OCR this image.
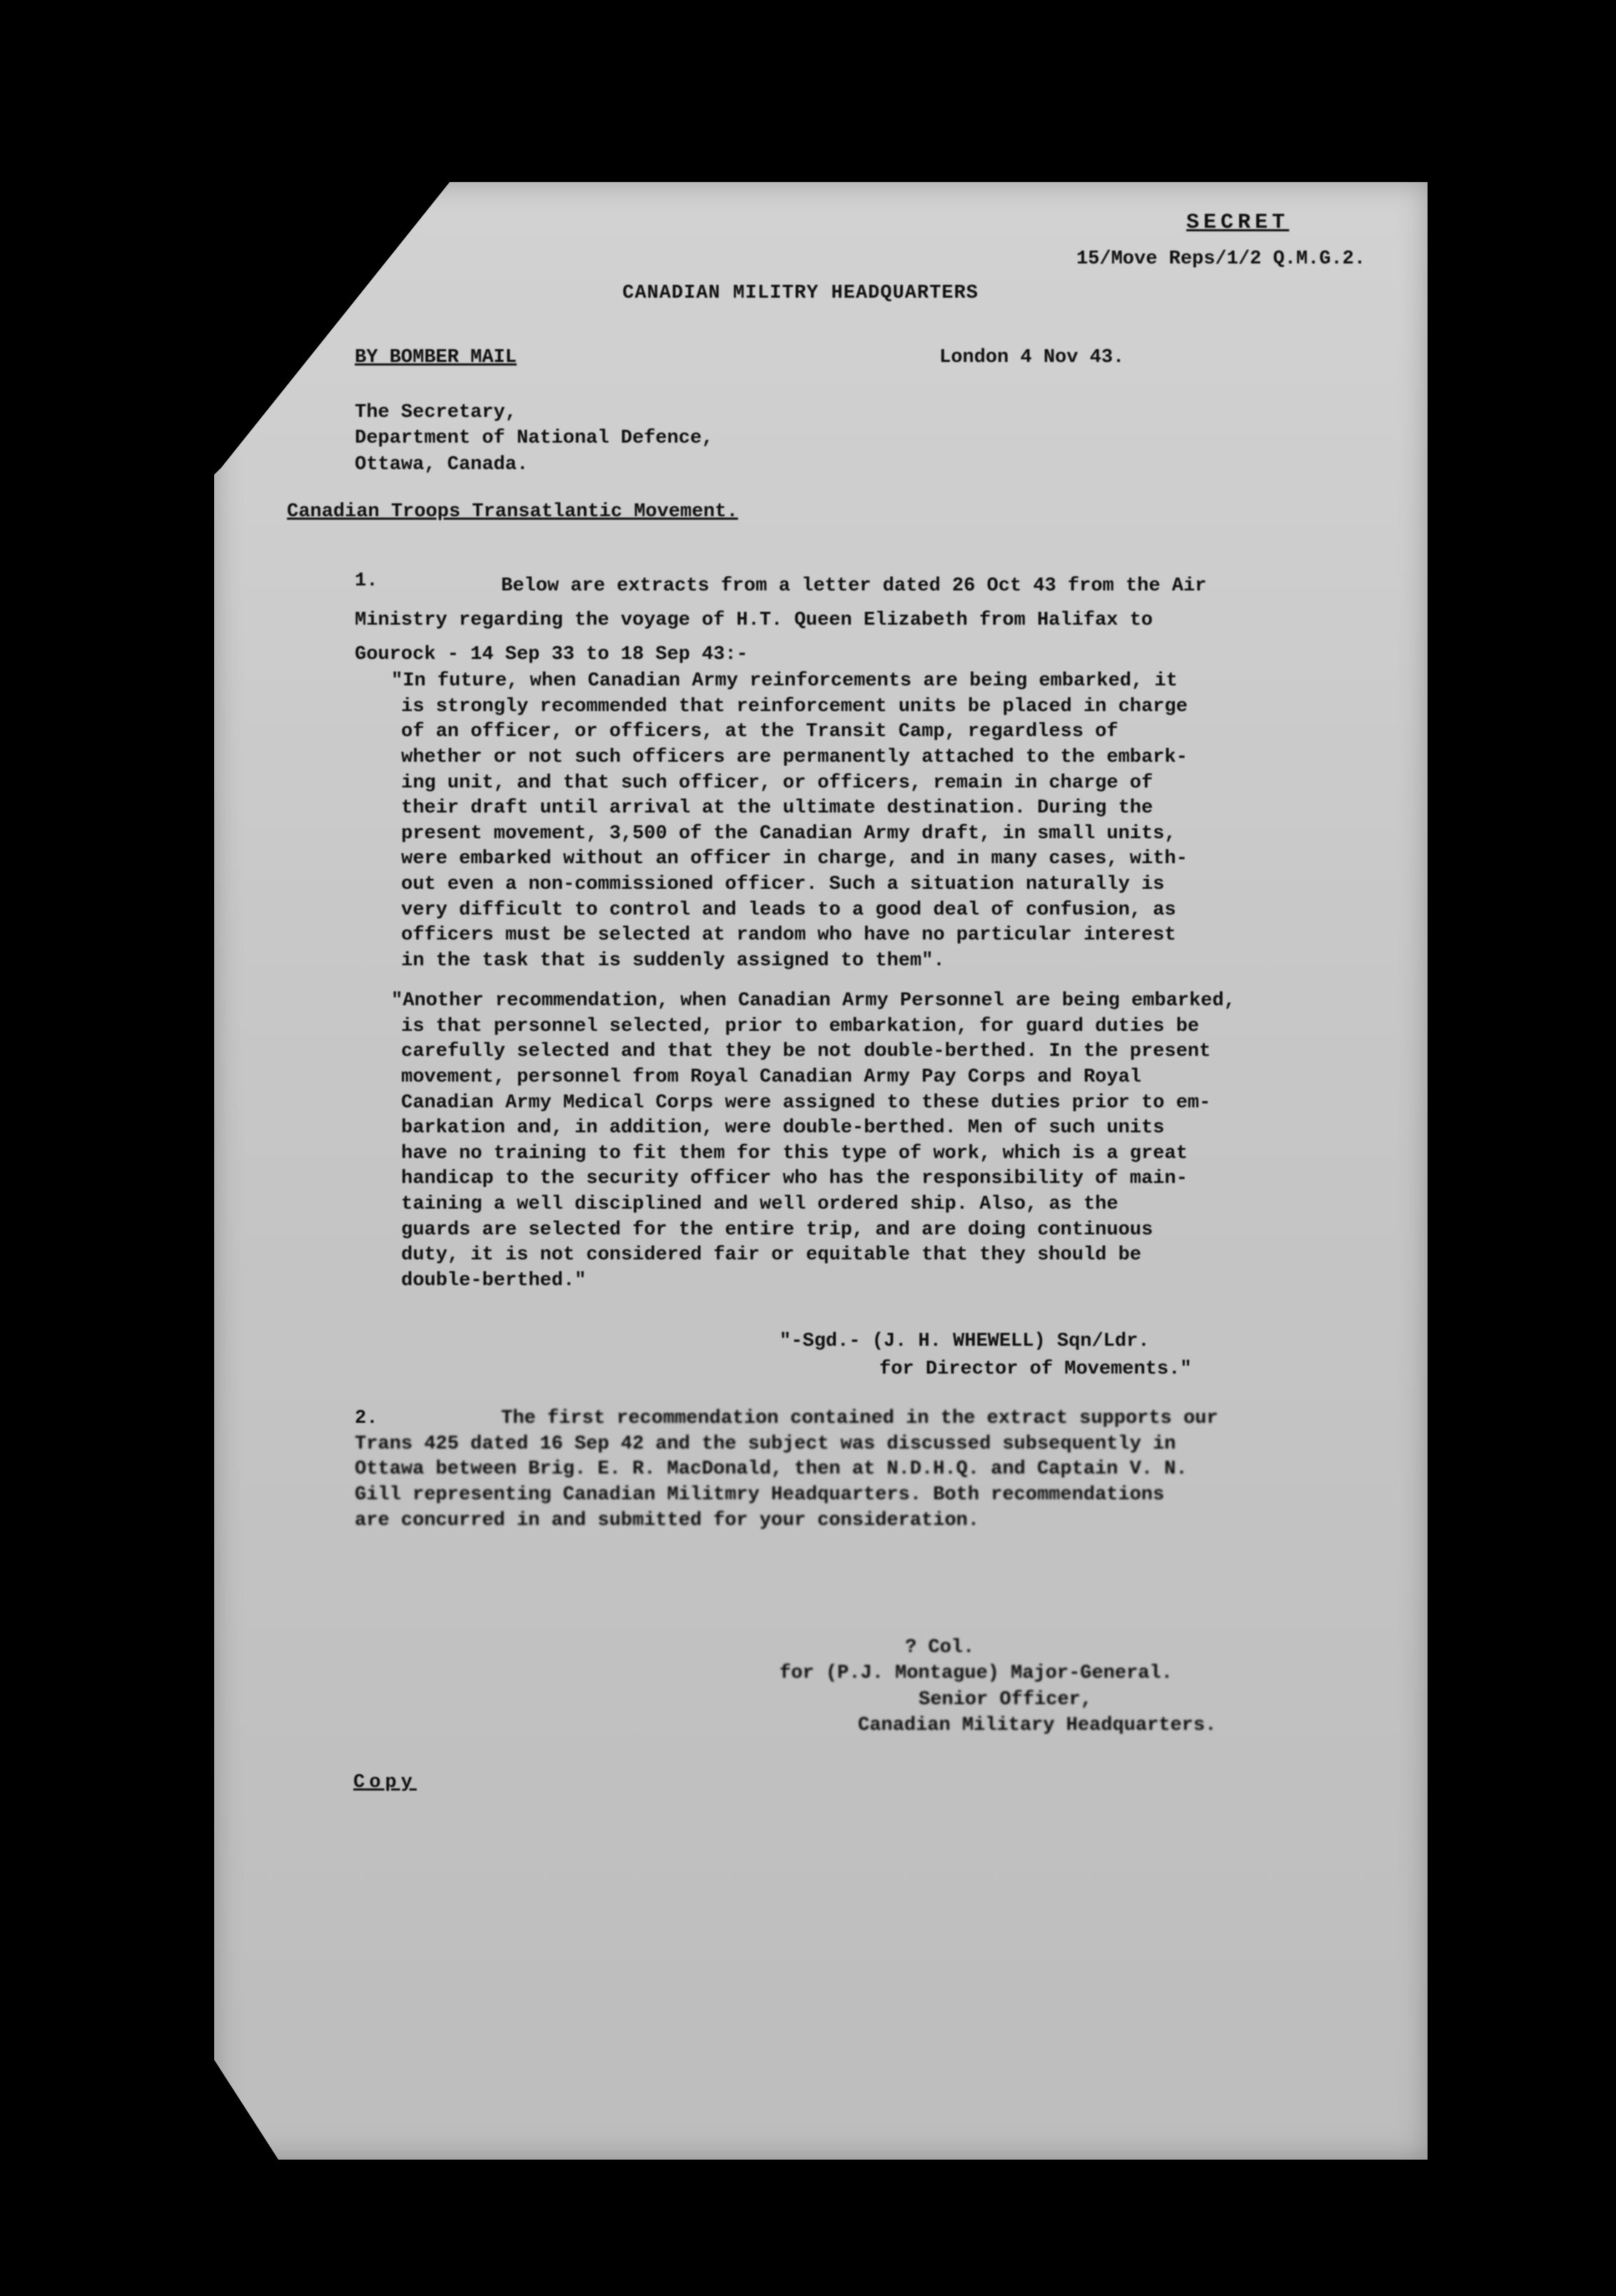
SECRET

15/Move Reps/1/2 Q.M.G.2.

CANADIAN MILITRY HEADQUARTERS

BY BOMBER MAIL	London 4 Nov 43.

The Secretary,
Department of National Defence,
Ottawa, Canada.

Canadian Troops Transatlantic Movement.

1.	Below are extracts from a letter dated 26 Oct 43 from the Air
Ministry regarding the voyage of H.T. Queen Elizabeth from Halifax to
Gourock - 14 Sep 33 to 18 Sep 43:-
"In future, when Canadian Army reinforcements are being embarked, it
is strongly recommended that reinforcement units be placed in charge
of an officer, or officers, at the Transit Camp, regardless of
whether or not such officers are permanently attached to the embark-
ing unit, and that such officer, or officers, remain in charge of
their draft until arrival at the ultimate destination. During the
present movement, 3,500 of the Canadian Army draft, in small units,
were embarked without an officer in charge, and in many cases, with-
out even a non-commissioned officer. Such a situation naturally is
very difficult to control and leads to a good deal of confusion, as
officers must be selected at random who have no particular interest
in the task that is suddenly assigned to them".
"Another recommendation, when Canadian Army Personnel are being embarked,
is that personnel selected, prior to embarkation, for guard duties be
carefully selected and that they be not double-berthed. In the present
movement, personnel from Royal Canadian Army Pay Corps and Royal
Canadian Army Medical Corps were assigned to these duties prior to em-
barkation and, in addition, were double-berthed. Men of such units
have no training to fit them for this type of work, which is a great
handicap to the security officer who has the responsibility of main-
taining a well disciplined and well ordered ship. Also, as the
guards are selected for the entire trip, and are doing continuous
duty, it is not considered fair or equitable that they should be
double-berthed."
"-Sgd.- (J. H. WHEWELL) Sqn/Ldr.
for Director of Movements."

2.	The first recommendation contained in the extract supports our
Trans 425 dated 16 Sep 42 and the subject was discussed subsequently in
Ottawa between Brig. E. R. MacDonald, then at N.D.H.Q. and Captain V. N.
Gill representing Canadian Militmry Headquarters. Both recommendations
are concurred in and submitted for your consideration.
? Col.
for (P.J. Montague) Major-General.
Senior Officer,
Canadian Military Headquarters.

Copy
